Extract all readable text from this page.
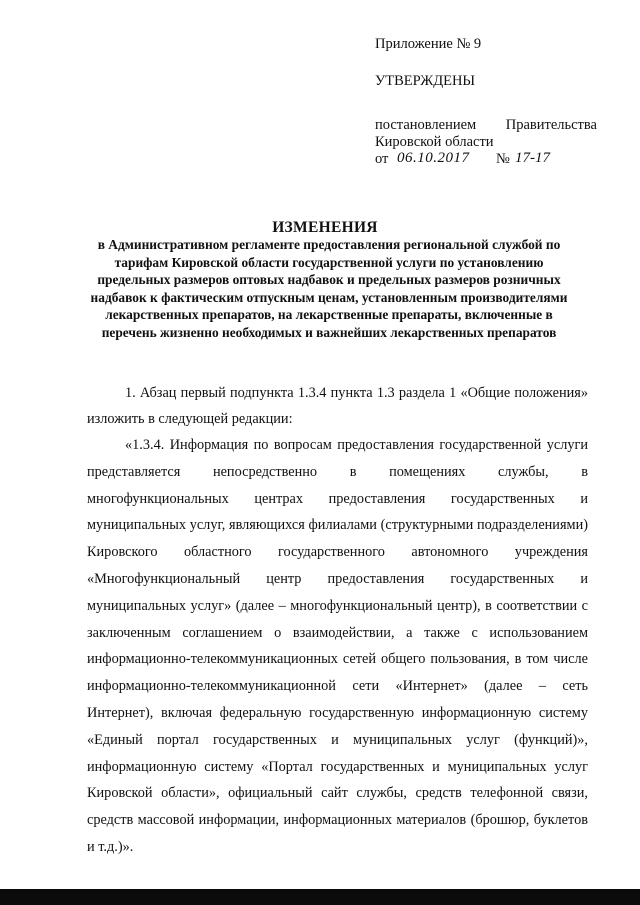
Приложение № 9

УТВЕРЖДЕНЫ

постановлением Правительства

Кировской области

от 06.10.2017 № 17-17
ИЗМЕНЕНИЯ

в Административном регламенте предоставления региональной службой по тарифам Кировской области государственной услуги по установлению предельных размеров оптовых надбавок и предельных размеров розничных надбавок к фактическим отпускным ценам, установленным производителями лекарственных препаратов, на лекарственные препараты, включенные в перечень жизненно необходимых и важнейших лекарственных препаратов

1. Абзац первый подпункта 1.3.4 пункта 1.3 раздела 1 «Общие положения» изложить в следующей редакции:

«1.3.4. Информация по вопросам предоставления государственной услуги представляется непосредственно в помещениях службы, в многофункциональных центрах предоставления государственных и муниципальных услуг, являющихся филиалами (структурными подразделениями) Кировского областного государственного автономного учреждения «Многофункциональный центр предоставления государственных и муниципальных услуг» (далее – многофункциональный центр), в соответствии с заключенным соглашением о взаимодействии, а также с использованием информационно-телекоммуникационных сетей общего пользования, в том числе информационно-телекоммуникационной сети «Интернет» (далее – сеть Интернет), включая федеральную государственную информационную систему «Единый портал государственных и муниципальных услуг (функций)», информационную систему «Портал государственных и муниципальных услуг Кировской области», официальный сайт службы, средств телефонной связи, средств массовой информации, информационных материалов (брошюр, буклетов и т.д.)».
